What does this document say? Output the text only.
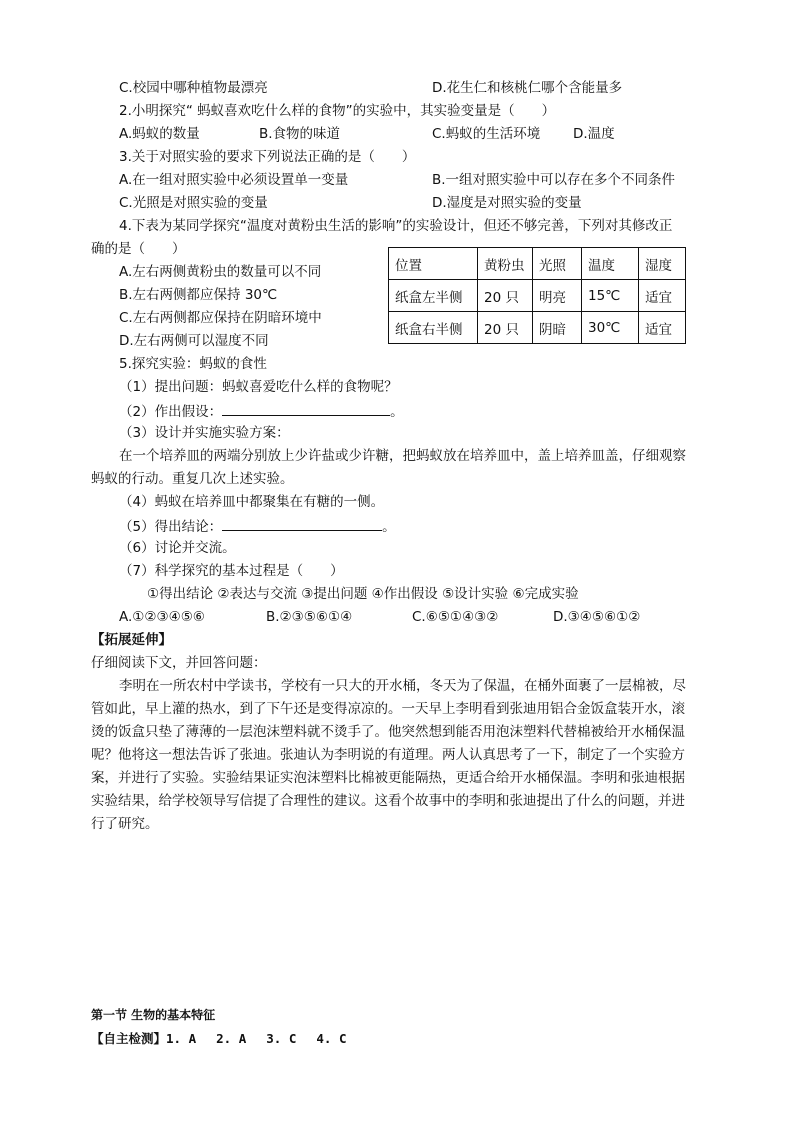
C.校园中哪种植物最漂亮	D.花生仁和核桃仁哪个含能量多
2.小明探究“ 蚂蚁喜欢吃什么样的食物”的实验中，其实验变量是（　　）
A.蚂蚁的数量	B.食物的味道	C.蚂蚁的生活环境 D.温度
3.关于对照实验的要求下列说法正确的是（　　）
A.在一组对照实验中必须设置单一变量	B.一组对照实验中可以存在多个不同条件
C.光照是对照实验的变量	D.湿度是对照实验的变量
4.下表为某同学探究“温度对黄粉虫生活的影响”的实验设计，但还不够完善，下列对其修改正
确的是（　　）
A.左右两侧黄粉虫的数量可以不同
B.左右两侧都应保持 30℃
C.左右两侧都应保持在阴暗环境中
D.左右两侧可以湿度不同
位置	黄粉虫	光照	温度	湿度
纸盒左半侧	20 只	明亮	15℃	适宜
纸盒右半侧	20 只	阴暗	30℃	适宜
5.探究实验：蚂蚁的食性
（1）提出问题：蚂蚁喜爱吃什么样的食物呢？
（2）作出假设：	。
（3）设计并实施实验方案：
在一个培养皿的两端分别放上少许盐或少许糖，把蚂蚁放在培养皿中，盖上培养皿盖，仔细观察
蚂蚁的行动。重复几次上述实验。
（4）蚂蚁在培养皿中都聚集在有糖的一侧。
（5）得出结论：	。
（6）讨论并交流。
（7）科学探究的基本过程是（　　）
①得出结论 ②表达与交流 ③提出问题 ④作出假设 ⑤设计实验 ⑥完成实验
A.①②③④⑤⑥	B.②③⑤⑥①④	C.⑥⑤①④③②	D.③④⑤⑥①②
【拓展延伸】
仔细阅读下文，并回答问题：
李明在一所农村中学读书，学校有一只大的开水桶，冬天为了保温，在桶外面裹了一层棉被，尽
管如此，早上灌的热水，到了下午还是变得凉凉的。一天早上李明看到张迪用铝合金饭盒装开水，滚
烫的饭盒只垫了薄薄的一层泡沫塑料就不烫手了。他突然想到能否用泡沫塑料代替棉被给开水桶保温
呢？他将这一想法告诉了张迪。张迪认为李明说的有道理。两人认真思考了一下，制定了一个实验方
案，并进行了实验。实验结果证实泡沫塑料比棉被更能隔热，更适合给开水桶保温。李明和张迪根据
实验结果，给学校领导写信提了合理性的建议。这看个故事中的李明和张迪提出了什么的问题，并进
行了研究。
第一节 生物的基本特征
【自主检测】1. A　 2. A　 3. C　 4. C
